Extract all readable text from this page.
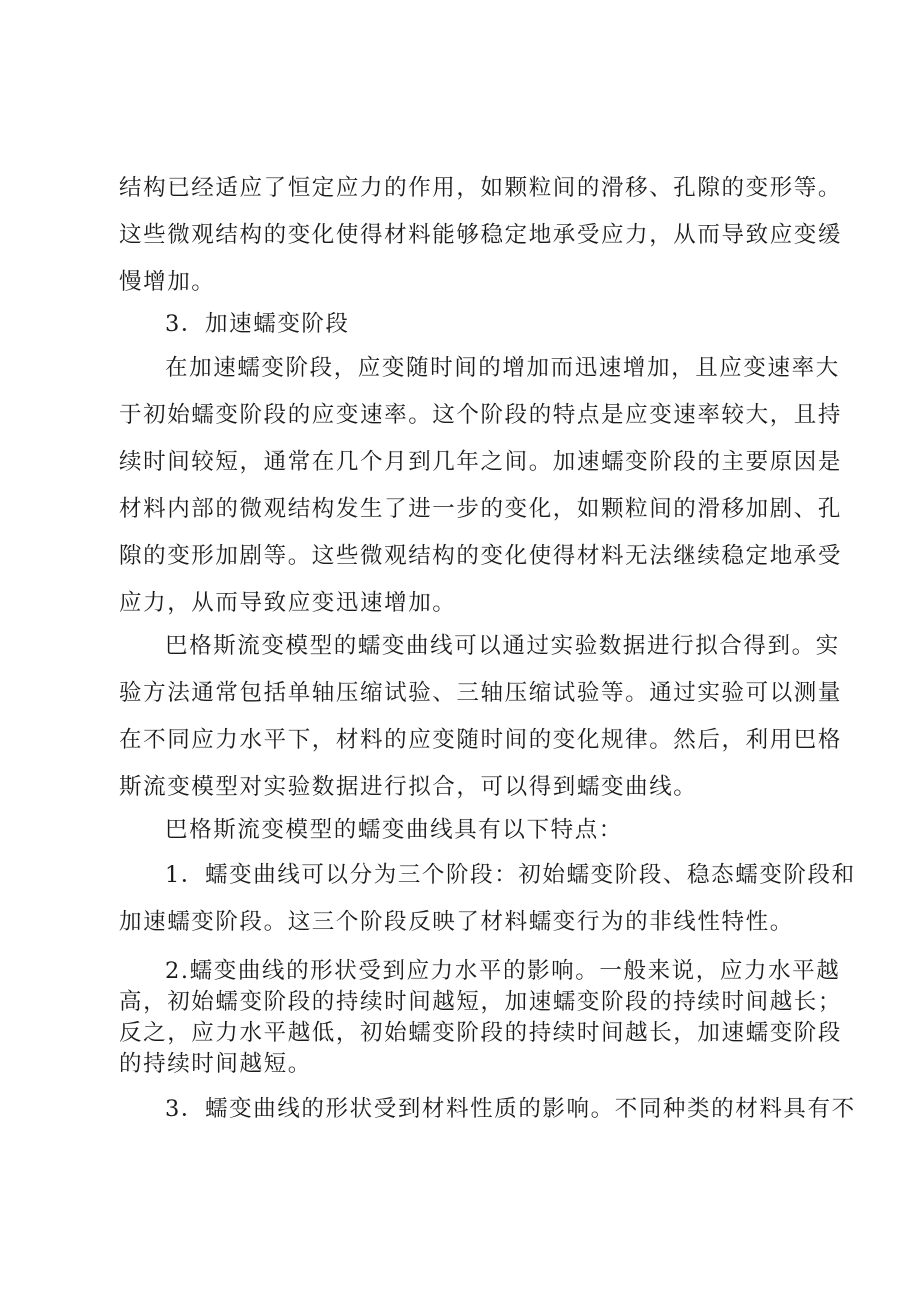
结构已经适应了恒定应力的作用，如颗粒间的滑移、孔隙的变形等。
这些微观结构的变化使得材料能够稳定地承受应力，从而导致应变缓
慢增加。
3．加速蠕变阶段
在加速蠕变阶段，应变随时间的增加而迅速增加，且应变速率大
于初始蠕变阶段的应变速率。这个阶段的特点是应变速率较大，且持
续时间较短，通常在几个月到几年之间。加速蠕变阶段的主要原因是
材料内部的微观结构发生了进一步的变化，如颗粒间的滑移加剧、孔
隙的变形加剧等。这些微观结构的变化使得材料无法继续稳定地承受
应力，从而导致应变迅速增加。
巴格斯流变模型的蠕变曲线可以通过实验数据进行拟合得到。实
验方法通常包括单轴压缩试验、三轴压缩试验等。通过实验可以测量
在不同应力水平下，材料的应变随时间的变化规律。然后，利用巴格
斯流变模型对实验数据进行拟合，可以得到蠕变曲线。
巴格斯流变模型的蠕变曲线具有以下特点：
1．蠕变曲线可以分为三个阶段：初始蠕变阶段、稳态蠕变阶段和
加速蠕变阶段。这三个阶段反映了材料蠕变行为的非线性特性。
2.蠕变曲线的形状受到应力水平的影响。一般来说，应力水平越
高，初始蠕变阶段的持续时间越短，加速蠕变阶段的持续时间越长；
反之，应力水平越低，初始蠕变阶段的持续时间越长，加速蠕变阶段
的持续时间越短。
3．蠕变曲线的形状受到材料性质的影响。不同种类的材料具有不
